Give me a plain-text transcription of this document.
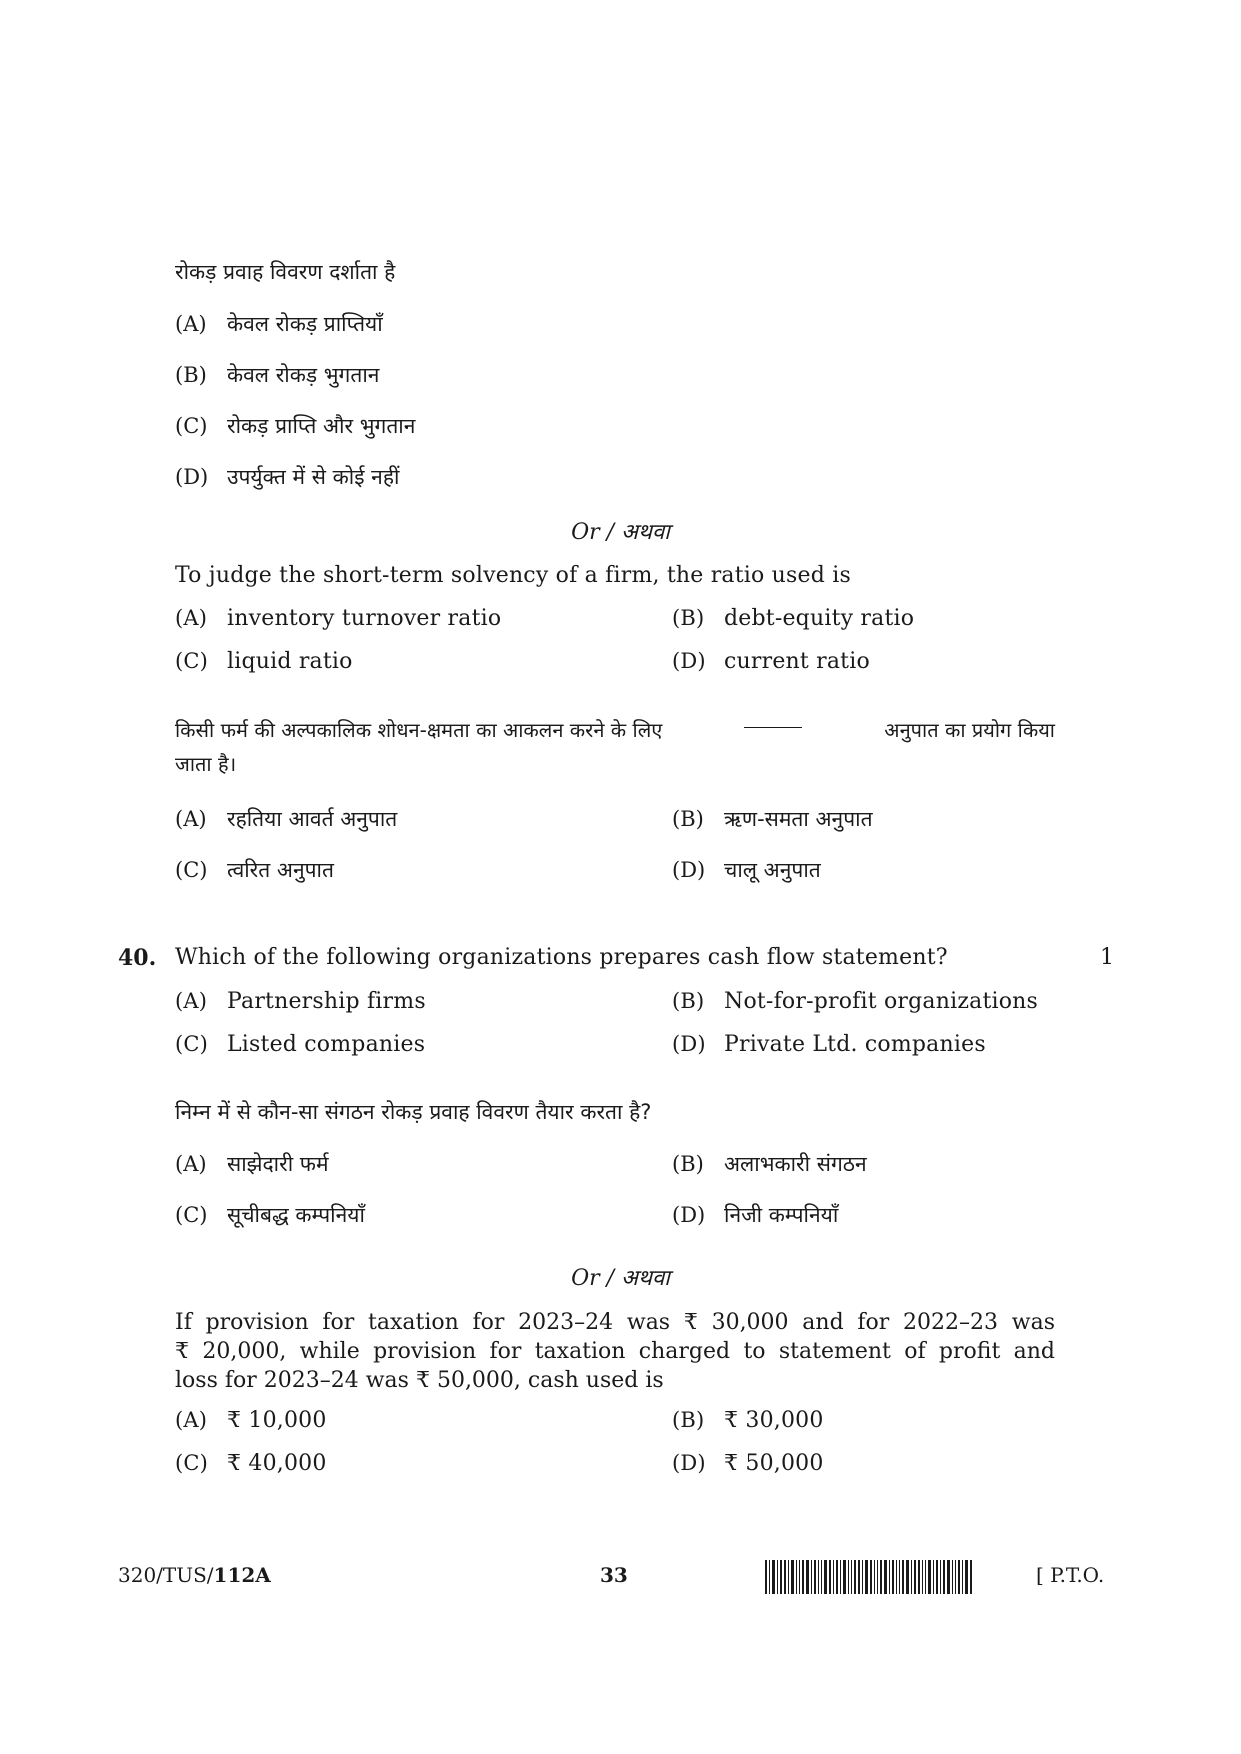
रोकड़ प्रवाह विवरण दर्शाता है
(A) केवल रोकड़ प्राप्तियाँ
(B) केवल रोकड़ भुगतान
(C) रोकड़ प्राप्ति और भुगतान
(D) उपर्युक्त में से कोई नहीं
Or / अथवा
To judge the short-term solvency of a firm, the ratio used is
(A) inventory turnover ratio	(B) debt-equity ratio
(C) liquid ratio	(D) current ratio
किसी फर्म की अल्पकालिक शोधन-क्षमता का आकलन करने के लिए	अनुपात का प्रयोग किया
जाता है।
(A) रहतिया आवर्त अनुपात	(B) ऋण-समता अनुपात
(C) त्वरित अनुपात	(D) चालू अनुपात
40. Which of the following organizations prepares cash flow statement?	1
(A) Partnership firms	(B) Not-for-profit organizations
(C) Listed companies	(D) Private Ltd. companies
निम्न में से कौन-सा संगठन रोकड़ प्रवाह विवरण तैयार करता है?
(A) साझेदारी फर्म	(B) अलाभकारी संगठन
(C) सूचीबद्ध कम्पनियाँ	(D) निजी कम्पनियाँ
Or / अथवा
If provision for taxation for 2023–24 was ₹ 30,000 and for 2022–23 was
₹ 20,000, while provision for taxation charged to statement of profit and
loss for 2023–24 was ₹ 50,000, cash used is
(A) ₹ 10,000	(B) ₹ 30,000
(C) ₹ 40,000	(D) ₹ 50,000
320/TUS/112A	33	[ P.T.O.
